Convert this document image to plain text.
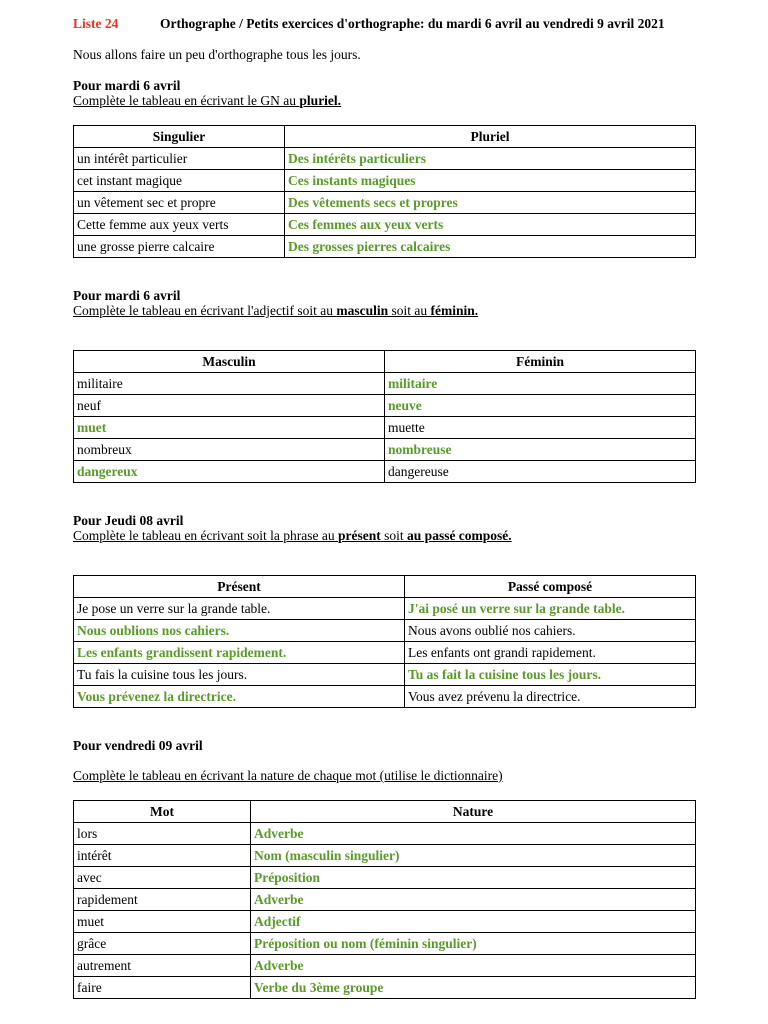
Liste 24	Orthographe / Petits exercices d'orthographe: du mardi 6 avril au vendredi 9 avril 2021
Nous allons faire un peu d'orthographe tous les jours.
Pour mardi 6 avril
Complète le tableau en écrivant le GN au pluriel.
Singulier	Pluriel
un intérêt particulier	Des intérêts particuliers
cet instant magique	Ces instants magiques
un vêtement sec et propre	Des vêtements secs et propres
Cette femme aux yeux verts	Ces femmes aux yeux verts
une grosse pierre calcaire	Des grosses pierres calcaires
Pour mardi 6 avril
Complète le tableau en écrivant l'adjectif soit au masculin soit au féminin.
Masculin	Féminin
militaire	militaire
neuf	neuve
muet	muette
nombreux	nombreuse
dangereux	dangereuse
Pour Jeudi 08 avril
Complète le tableau en écrivant soit la phrase au présent soit au passé composé.
Présent	Passé composé
Je pose un verre sur la grande table.	J'ai posé un verre sur la grande table.
Nous oublions nos cahiers.	Nous avons oublié nos cahiers.
Les enfants grandissent rapidement.	Les enfants ont grandi rapidement.
Tu fais la cuisine tous les jours.	Tu as fait la cuisine tous les jours.
Vous prévenez la directrice.	Vous avez prévenu la directrice.
Pour vendredi 09 avril
Complète le tableau en écrivant la nature de chaque mot (utilise le dictionnaire)
Mot	Nature
lors	Adverbe
intérêt	Nom (masculin singulier)
avec	Préposition
rapidement	Adverbe
muet	Adjectif
grâce	Préposition ou nom (féminin singulier)
autrement	Adverbe
faire	Verbe du 3ème groupe
